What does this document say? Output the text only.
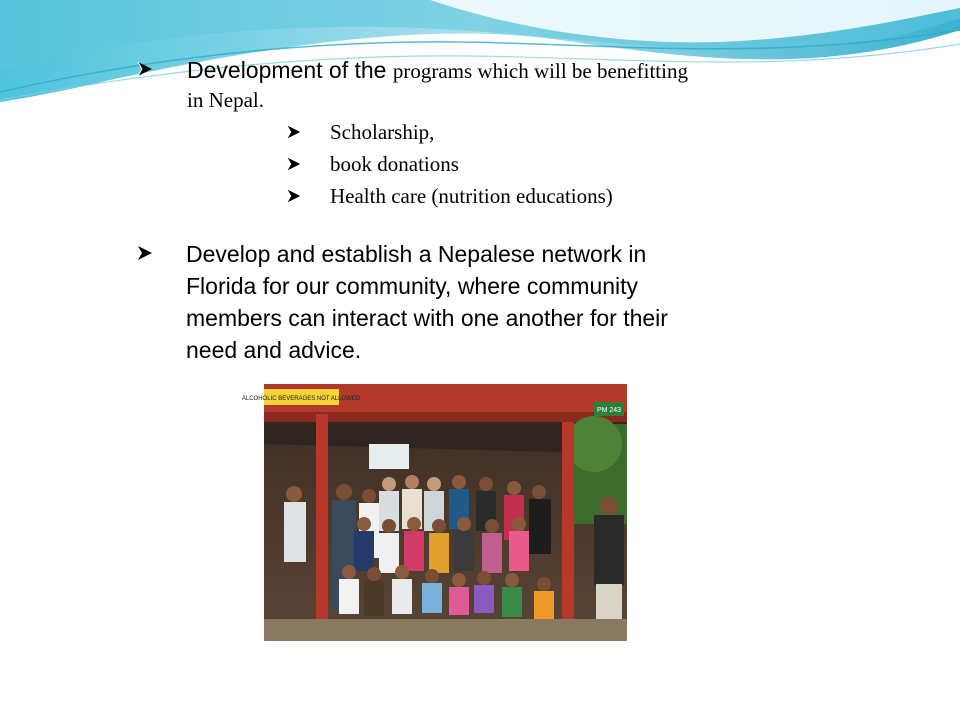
Development of the programs which will be benefitting
in Nepal.
Scholarship,
book donations
Health care (nutrition educations)
Develop and establish a Nepalese network in
Florida for our community, where community
members can interact with one another for their
need and advice.
ALCOHOLIC BEVERAGES NOT ALLOWED
PM 243
